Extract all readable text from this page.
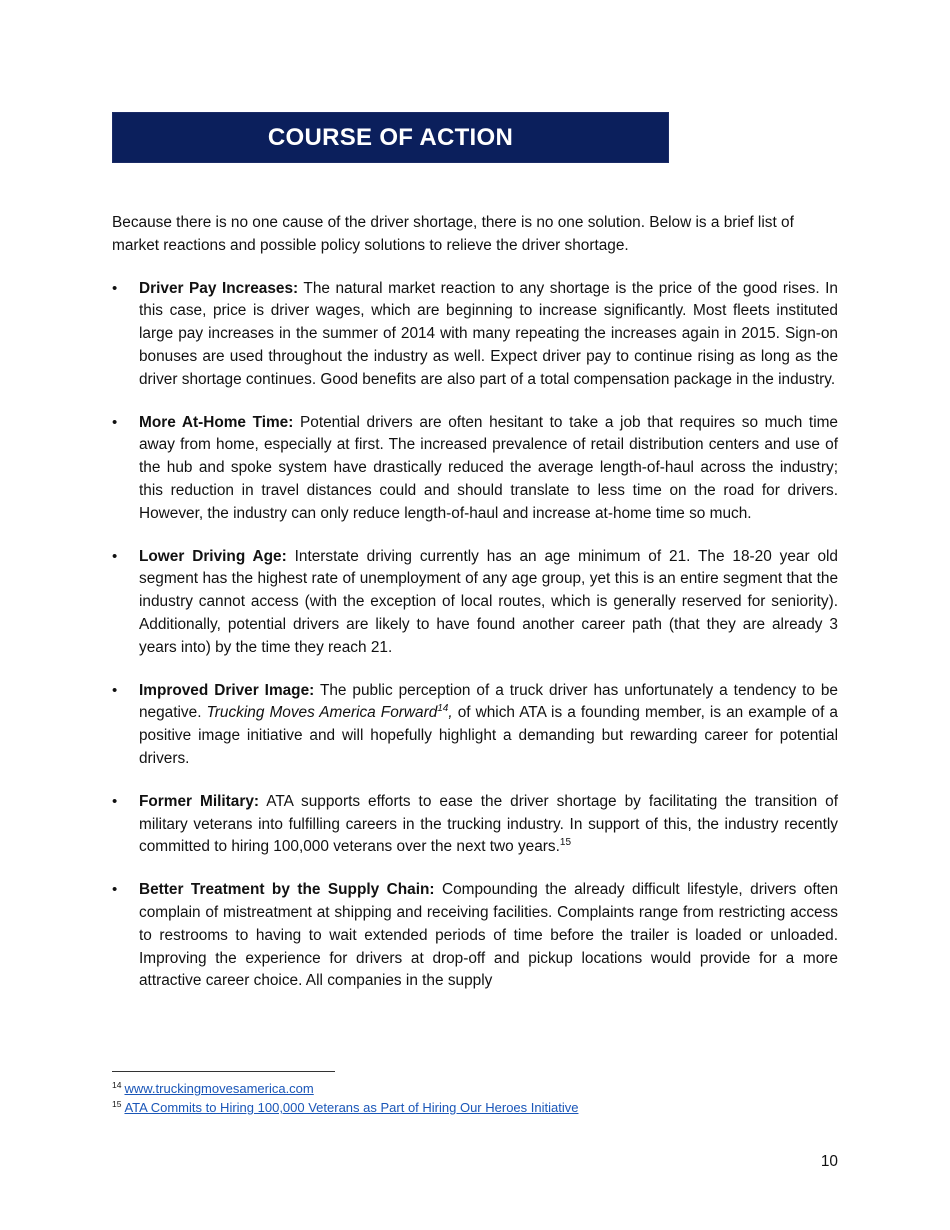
COURSE OF ACTION

Because there is no one cause of the driver shortage, there is no one solution. Below is a brief list of market reactions and possible policy solutions to relieve the driver shortage.

•	Driver Pay Increases: The natural market reaction to any shortage is the price of the good rises. In this case, price is driver wages, which are beginning to increase significantly. Most fleets instituted large pay increases in the summer of 2014 with many repeating the increases again in 2015. Sign-on bonuses are used throughout the industry as well. Expect driver pay to continue rising as long as the driver shortage continues. Good benefits are also part of a total compensation package in the industry.
•	More At-Home Time: Potential drivers are often hesitant to take a job that requires so much time away from home, especially at first. The increased prevalence of retail distribution centers and use of the hub and spoke system have drastically reduced the average length-of-haul across the industry; this reduction in travel distances could and should translate to less time on the road for drivers. However, the industry can only reduce length-of-haul and increase at-home time so much.
•	Lower Driving Age: Interstate driving currently has an age minimum of 21. The 18-20 year old segment has the highest rate of unemployment of any age group, yet this is an entire segment that the industry cannot access (with the exception of local routes, which is generally reserved for seniority). Additionally, potential drivers are likely to have found another career path (that they are already 3 years into) by the time they reach 21.
•	Improved Driver Image: The public perception of a truck driver has unfortunately a tendency to be negative. Trucking Moves America Forward$^{14}$, of which ATA is a founding member, is an example of a positive image initiative and will hopefully highlight a demanding but rewarding career for potential drivers.
•	Former Military: ATA supports efforts to ease the driver shortage by facilitating the transition of military veterans into fulfilling careers in the trucking industry. In support of this, the industry recently committed to hiring 100,000 veterans over the next two years.$^{15}$
•	Better Treatment by the Supply Chain: Compounding the already difficult lifestyle, drivers often complain of mistreatment at shipping and receiving facilities. Complaints range from restricting access to restrooms to having to wait extended periods of time before the trailer is loaded or unloaded. Improving the experience for drivers at drop-off and pickup locations would provide for a more attractive career choice. All companies in the supply
$^{14}$ www.truckingmovesamerica.com
$^{15}$ ATA Commits to Hiring 100,000 Veterans as Part of Hiring Our Heroes Initiative
10
